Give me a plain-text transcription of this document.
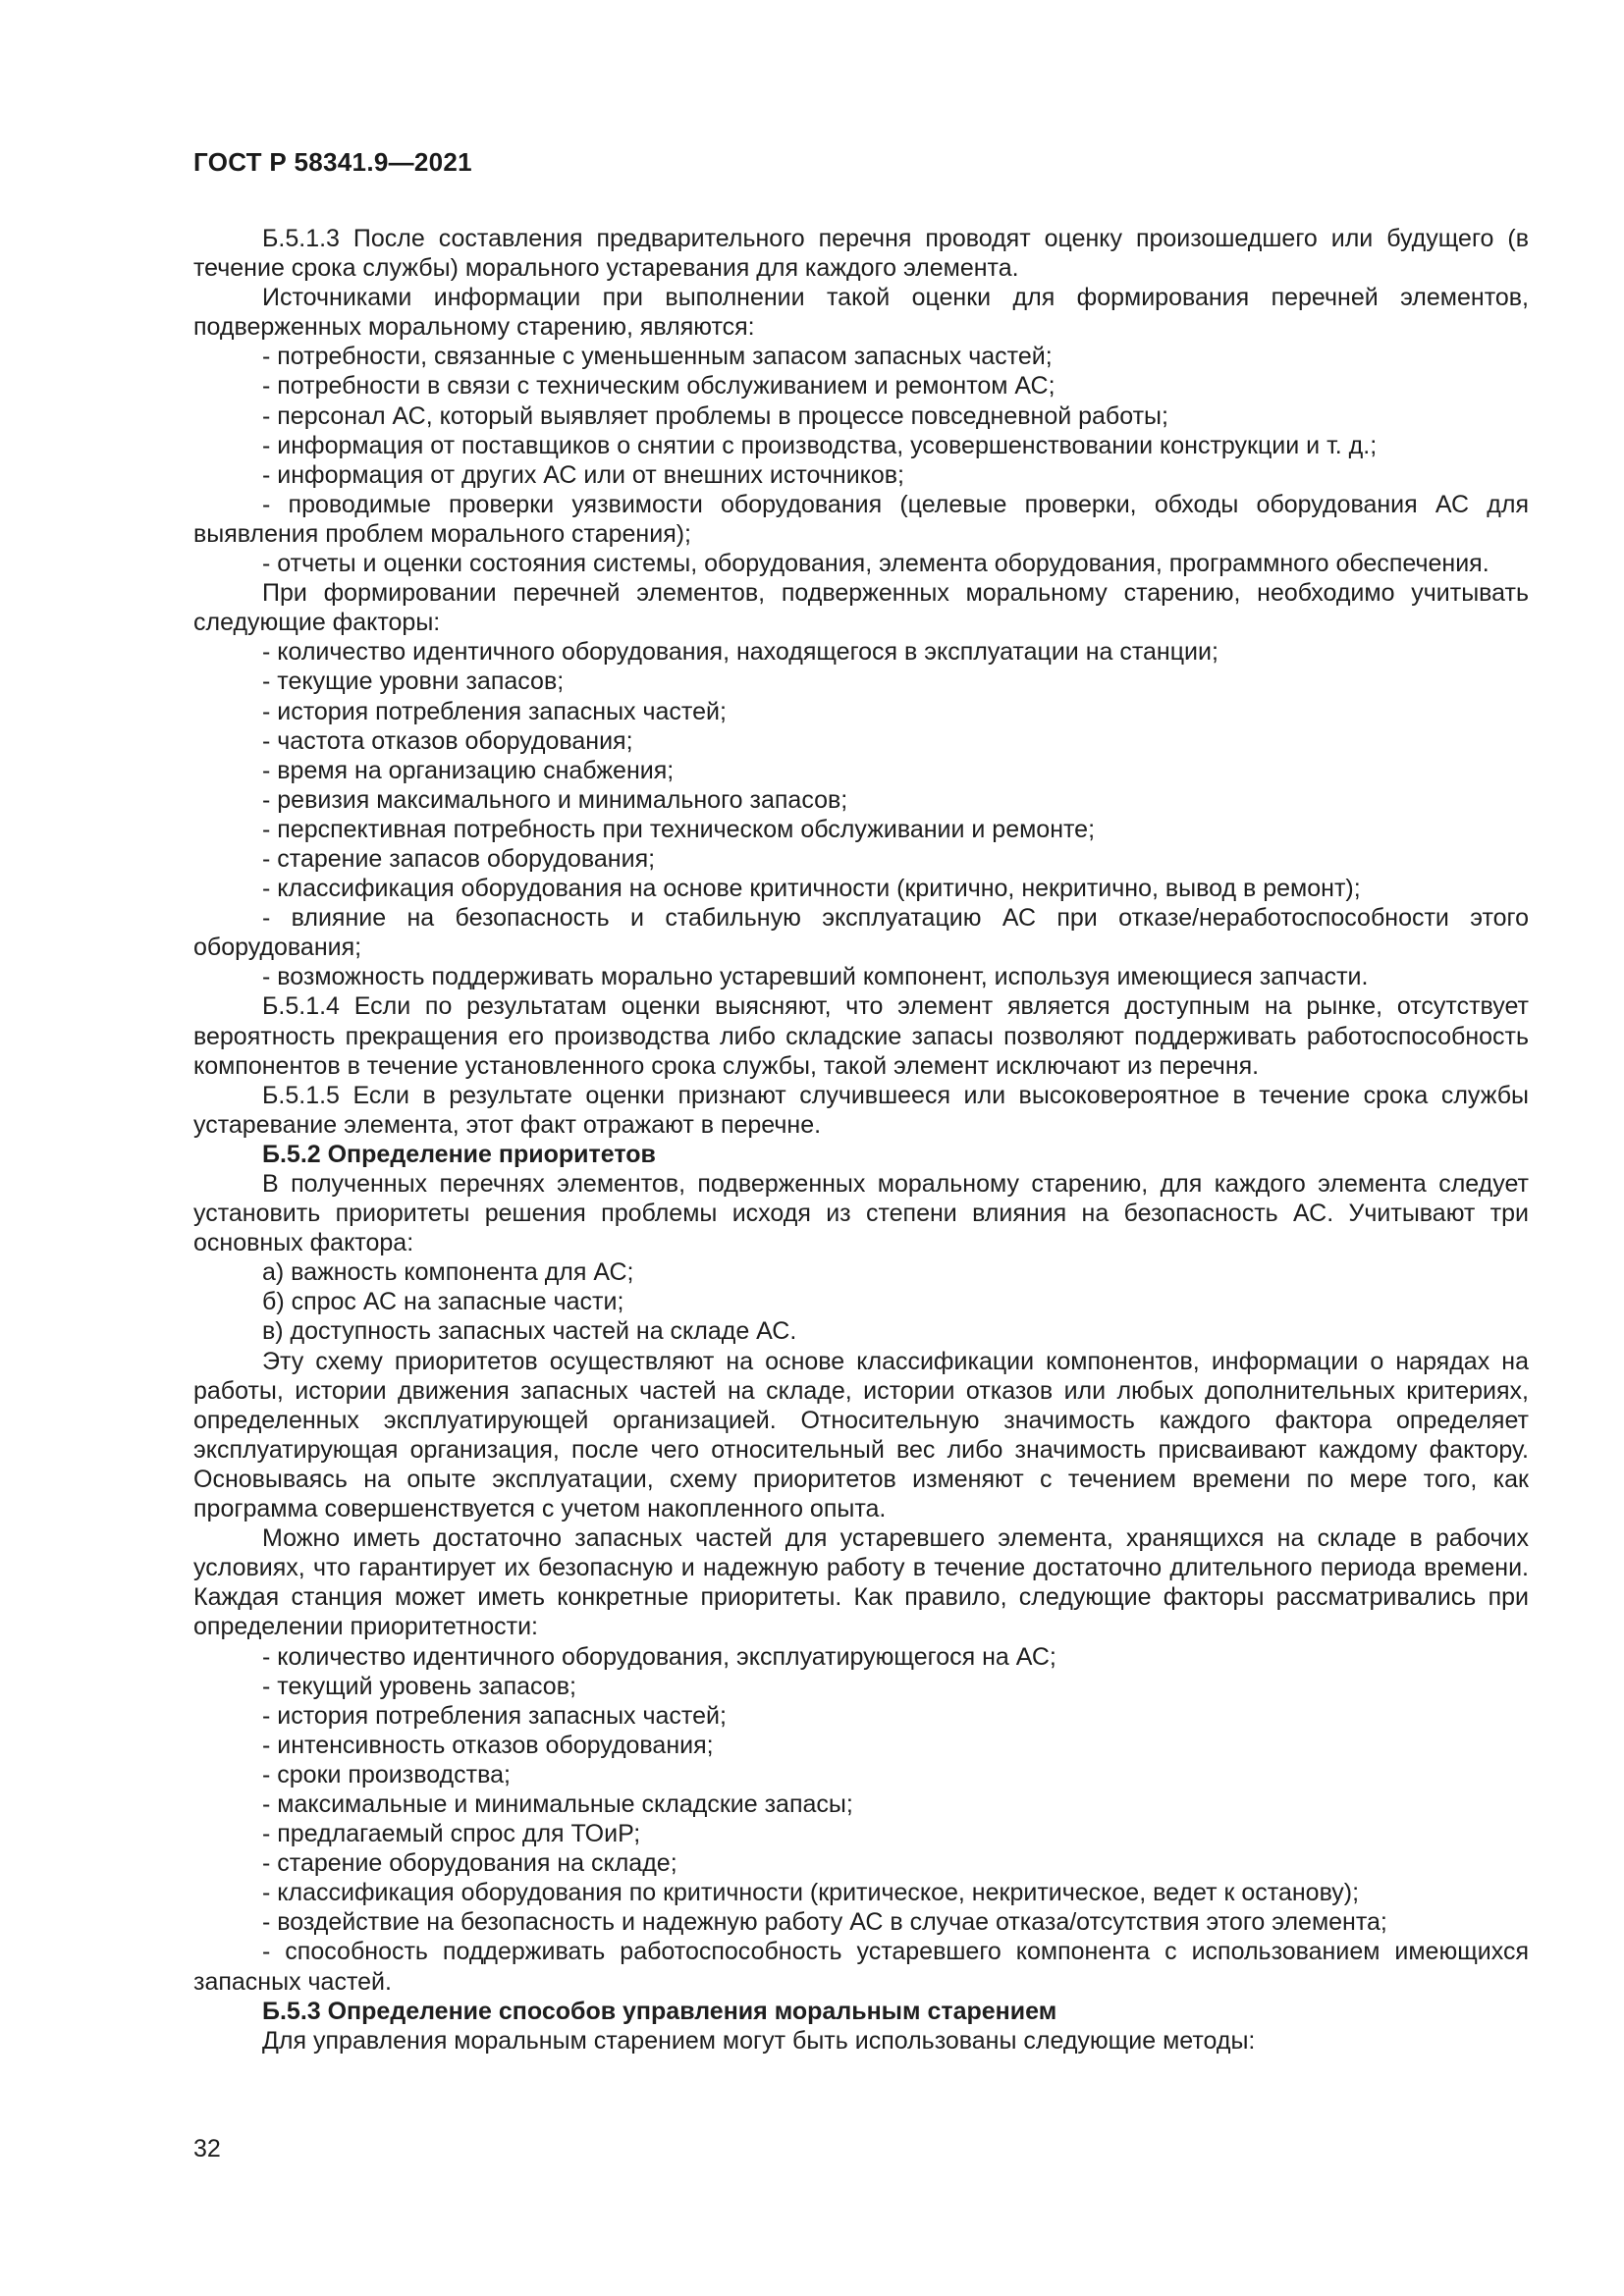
ГОСТ Р 58341.9—2021

Б.5.1.3 После составления предварительного перечня проводят оценку произошедшего или будущего (в течение срока службы) морального устаревания для каждого элемента.

Источниками информации при выполнении такой оценки для формирования перечней элементов, подверженных моральному старению, являются:

- потребности, связанные с уменьшенным запасом запасных частей;

- потребности в связи с техническим обслуживанием и ремонтом АС;

- персонал АС, который выявляет проблемы в процессе повседневной работы;

- информация от поставщиков о снятии с производства, усовершенствовании конструкции и т. д.;

- информация от других АС или от внешних источников;

- проводимые проверки уязвимости оборудования (целевые проверки, обходы оборудования АС для выявления проблем морального старения);

- отчеты и оценки состояния системы, оборудования, элемента оборудования, программного обеспечения.

При формировании перечней элементов, подверженных моральному старению, необходимо учитывать следующие факторы:

- количество идентичного оборудования, находящегося в эксплуатации на станции;

- текущие уровни запасов;

- история потребления запасных частей;

- частота отказов оборудования;

- время на организацию снабжения;

- ревизия максимального и минимального запасов;

- перспективная потребность при техническом обслуживании и ремонте;

- старение запасов оборудования;

- классификация оборудования на основе критичности (критично, некритично, вывод в ремонт);

- влияние на безопасность и стабильную эксплуатацию АС при отказе/неработоспособности этого оборудования;

- возможность поддерживать морально устаревший компонент, используя имеющиеся запчасти.

Б.5.1.4 Если по результатам оценки выясняют, что элемент является доступным на рынке, отсутствует вероятность прекращения его производства либо складские запасы позволяют поддерживать работоспособность компонентов в течение установленного срока службы, такой элемент исключают из перечня.

Б.5.1.5 Если в результате оценки признают случившееся или высоковероятное в течение срока службы устаревание элемента, этот факт отражают в перечне.

Б.5.2 Определение приоритетов

В полученных перечнях элементов, подверженных моральному старению, для каждого элемента следует установить приоритеты решения проблемы исходя из степени влияния на безопасность АС. Учитывают три основных фактора:

а) важность компонента для АС;

б) спрос АС на запасные части;

в) доступность запасных частей на складе АС.

Эту схему приоритетов осуществляют на основе классификации компонентов, информации о нарядах на работы, истории движения запасных частей на складе, истории отказов или любых дополнительных критериях, определенных эксплуатирующей организацией. Относительную значимость каждого фактора определяет эксплуатирующая организация, после чего относительный вес либо значимость присваивают каждому фактору. Основываясь на опыте эксплуатации, схему приоритетов изменяют с течением времени по мере того, как программа совершенствуется с учетом накопленного опыта.

Можно иметь достаточно запасных частей для устаревшего элемента, хранящихся на складе в рабочих условиях, что гарантирует их безопасную и надежную работу в течение достаточно длительного периода времени. Каждая станция может иметь конкретные приоритеты. Как правило, следующие факторы рассматривались при определении приоритетности:

- количество идентичного оборудования, эксплуатирующегося на АС;

- текущий уровень запасов;

- история потребления запасных частей;

- интенсивность отказов оборудования;

- сроки производства;

- максимальные и минимальные складские запасы;

- предлагаемый спрос для ТОиР;

- старение оборудования на складе;

- классификация оборудования по критичности (критическое, некритическое, ведет к останову);

- воздействие на безопасность и надежную работу АС в случае отказа/отсутствия этого элемента;

- способность поддерживать работоспособность устаревшего компонента с использованием имеющихся запасных частей.

Б.5.3 Определение способов управления моральным старением

Для управления моральным старением могут быть использованы следующие методы:

32
